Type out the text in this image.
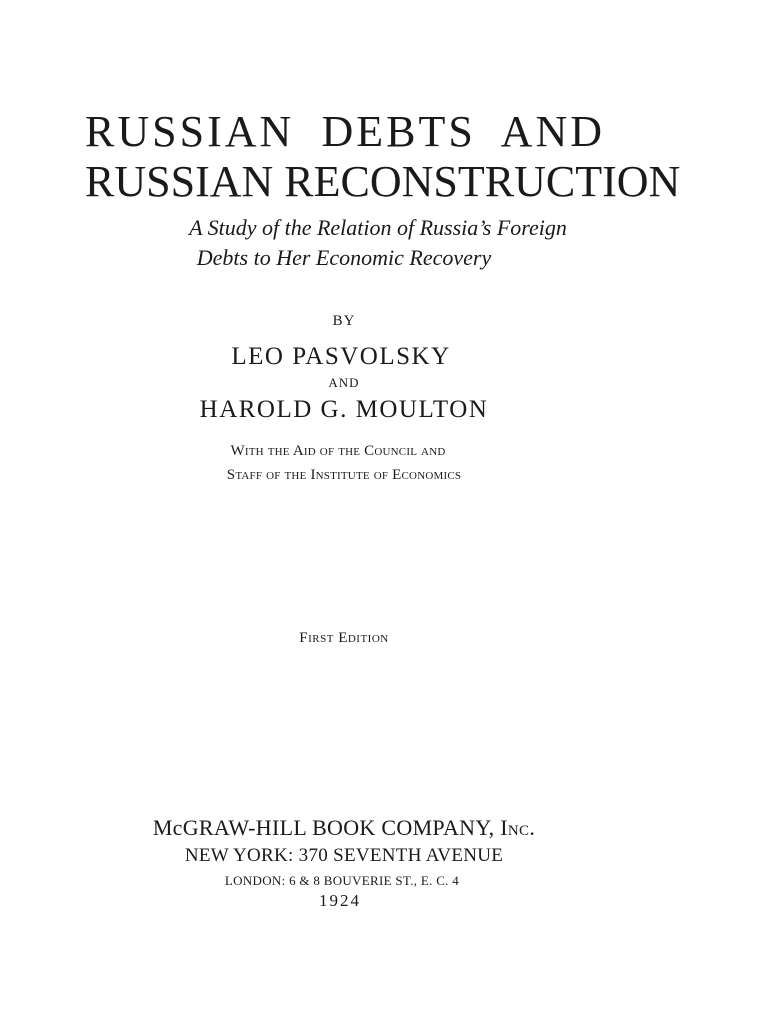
RUSSIAN DEBTS AND
RUSSIAN RECONSTRUCTION
A Study of the Relation of Russia’s Foreign
Debts to Her Economic Recovery
BY
LEO PASVOLSKY
AND
HAROLD G. MOULTON
With the Aid of the Council and
Staff of the Institute of Economics
First Edition
McGRAW-HILL BOOK COMPANY, Inc.
NEW YORK: 370 SEVENTH AVENUE
LONDON: 6 & 8 BOUVERIE ST., E. C. 4
1924
